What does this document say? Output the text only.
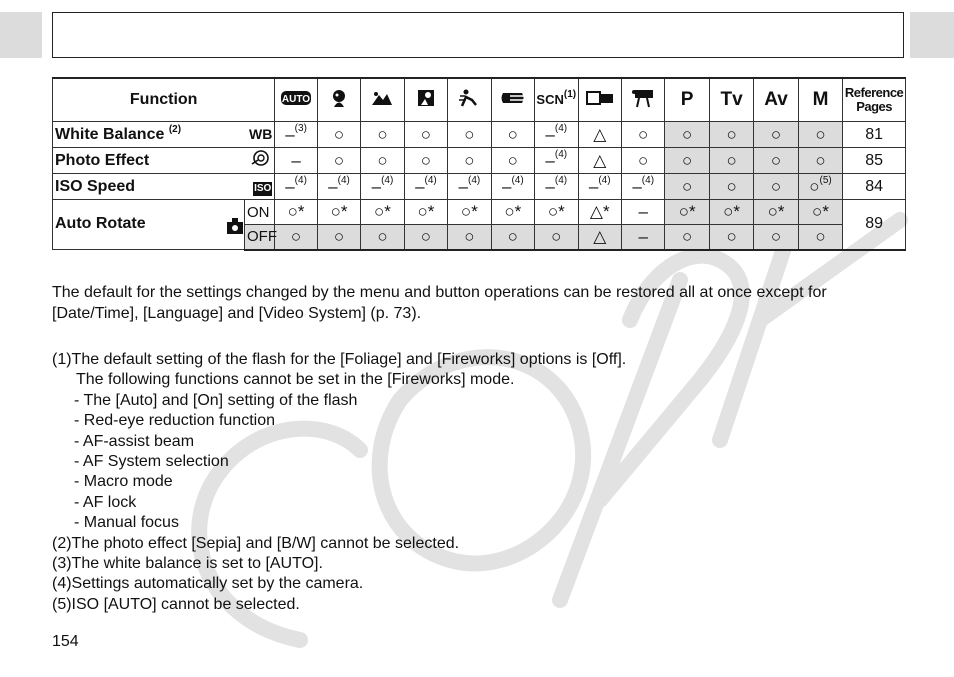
Function		AUTO						SCN$^{(1)}$			P	Tv	Av	M	Reference
Pages

White Balance $^{(2)}$	WB	–$^{(3)}$	○	○	○	○	○	–$^{(4)}$	△	○	○	○	○	○	81
Photo Effect		–	○	○	○	○	○	–$^{(4)}$	△	○	○	○	○	○	85
ISO Speed	ISO	–$^{(4)}$	–$^{(4)}$	–$^{(4)}$	–$^{(4)}$	–$^{(4)}$	–$^{(4)}$	–$^{(4)}$	–$^{(4)}$	–$^{(4)}$	○	○	○	○$^{(5)}$	84
Auto Rotate	ON	○*	○*	○*	○*	○*	○*	○*	△*	–	○*	○*	○*	○*	89
	OFF	○	○	○	○	○	○	○	△	–	○	○	○	○	

The default for the settings changed by the menu and button operations can be restored all at once except for [Date/Time], [Language] and [Video System] (p. 73).

(1)The default setting of the flash for the [Foliage] and [Fireworks] options is [Off].
The following functions cannot be set in the [Fireworks] mode.
- The [Auto] and [On] setting of the flash
- Red-eye reduction function
- AF-assist beam
- AF System selection
- Macro mode
- AF lock
- Manual focus
(2)The photo effect [Sepia] and [B/W] cannot be selected.
(3)The white balance is set to [AUTO].
(4)Settings automatically set by the camera.
(5)ISO [AUTO] cannot be selected.
154
